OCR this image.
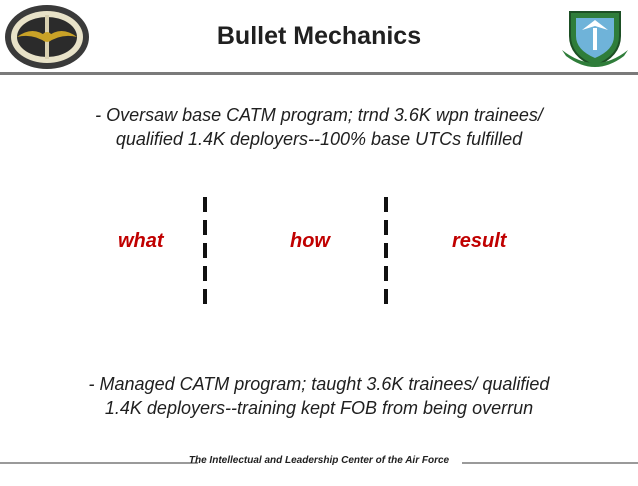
Bullet Mechanics
- Oversaw base CATM program; trnd 3.6K wpn trainees/
qualified 1.4K deployers--100% base UTCs fulfilled
what	how	result
- Managed CATM program; taught 3.6K trainees/ qualified
1.4K deployers--training kept FOB from being overrun
The Intellectual and Leadership Center of the Air Force
